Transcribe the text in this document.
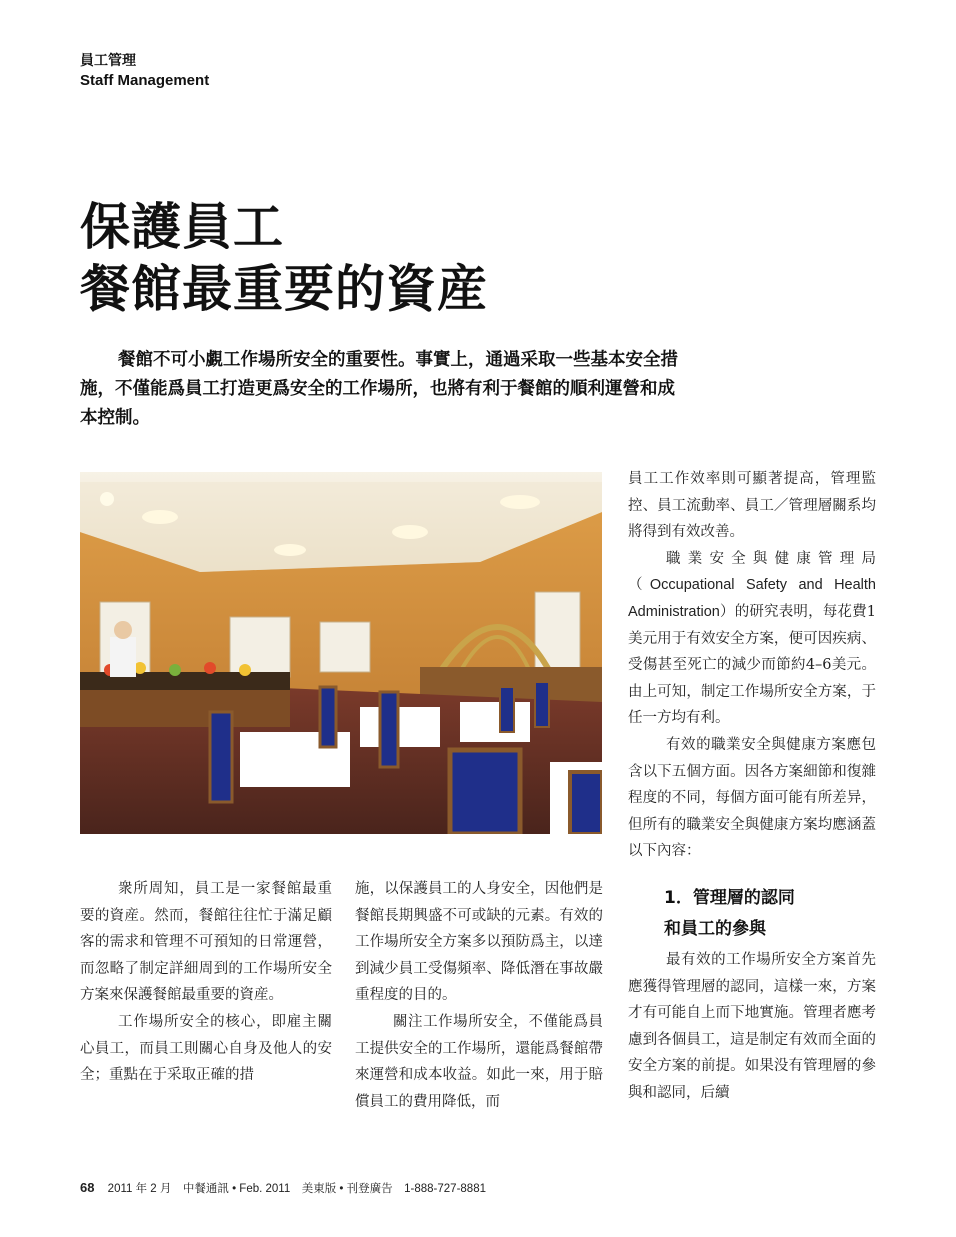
員工管理
Staff Management
保護員工
餐館最重要的資産

餐館不可小覷工作場所安全的重要性。事實上，通過采取一些基本安全措施，不僅能爲員工打造更爲安全的工作場所，也將有利于餐館的順利運營和成本控制。

衆所周知，員工是一家餐館最重要的資産。然而，餐館往往忙于滿足顧客的需求和管理不可預知的日常運營，而忽略了制定詳細周到的工作場所安全方案來保護餐館最重要的資産。

工作場所安全的核心，即雇主關心員工，而員工則關心自身及他人的安全；重點在于采取正確的措

施，以保護員工的人身安全，因他們是餐館長期興盛不可或缺的元素。有效的工作場所安全方案多以預防爲主，以達到減少員工受傷頻率、降低潛在事故嚴重程度的目的。

關注工作場所安全，不僅能爲員工提供安全的工作場所，還能爲餐館帶來運營和成本收益。如此一來，用于賠償員工的費用降低，而

員工工作效率則可顯著提高，管理監控、員工流動率、員工／管理層關系均將得到有效改善。

職業安全與健康管理局（Occupational Safety and Health Administration）的研究表明，每花費1美元用于有效安全方案，便可因疾病、受傷甚至死亡的減少而節約4–6美元。由上可知，制定工作場所安全方案，于任一方均有利。

有效的職業安全與健康方案應包含以下五個方面。因各方案細節和復雜程度的不同，每個方面可能有所差异，但所有的職業安全與健康方案均應涵蓋以下內容：

1．管理層的認同
和員工的參與

最有效的工作場所安全方案首先應獲得管理層的認同，這樣一來，方案才有可能自上而下地實施。管理者應考慮到各個員工，這是制定有效而全面的安全方案的前提。如果没有管理層的參與和認同，后續

68 2011 年 2 月　中餐通訊 • Feb. 2011　美東版 • 刊登廣告　1-888-727-8881
